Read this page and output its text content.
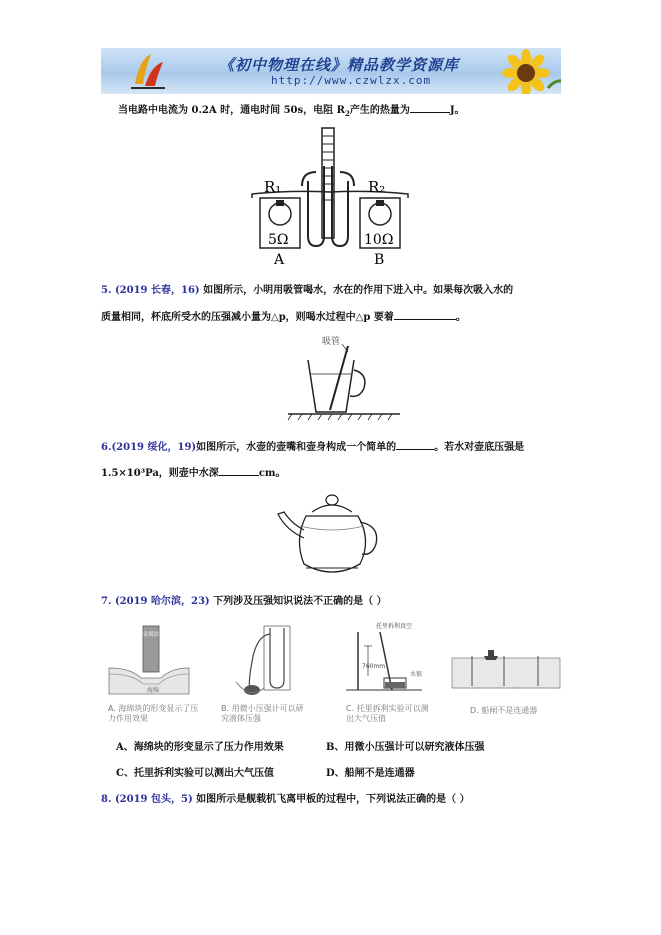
《初中物理在线》精品教学资源库
http://www.czwlzx.com
当电路中电流为 0.2A 时，通电时间 50s，电阻 $R_2$产生的热量为	J。
R₁	R₂
5Ω	10Ω
A	B
5. (2019 长春，16) 如图所示，小明用吸管喝水，水在的作用下进入中。如果每次吸入水的
质量相同，杯底所受水的压强减小量为△p，则喝水过程中△p 要着	。
吸管
6.(2019 绥化，19)如图所示，水壶的壶嘴和壶身构成一个简单的	。若水对壶底压强是
1.5×10³Pa，则壶中水深	cm。
7. (2019 哈尔滨，23) 下列涉及压强知识说法不正确的是（ ）
金属块
海绵
托里拆利真空
760mm
水银
A. 海绵块的形变显示了压力作用效果
B. 用微小压强计可以研究液体压强
C. 托里拆利实验可以测出大气压值
D. 船闸不是连通器
A、海绵块的形变显示了压力作用效果	B、用微小压强计可以研究液体压强
C、托里拆利实验可以测出大气压值	D、船闸不是连通器
8. (2019 包头，5) 如图所示是舰载机飞离甲板的过程中，下列说法正确的是（ ）
